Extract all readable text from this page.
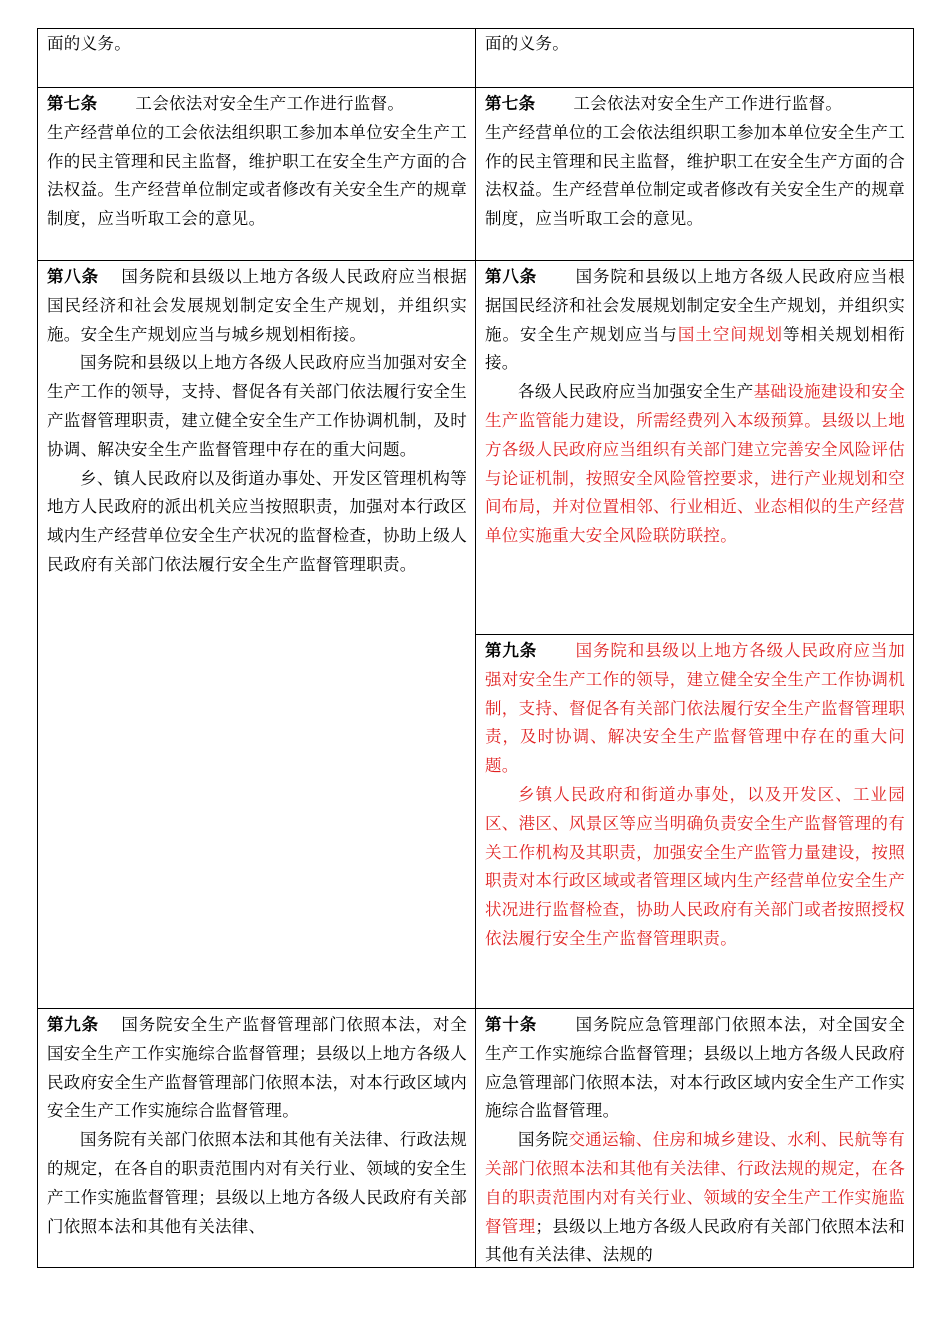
面的义务。	面的义务。

第七条 工会依法对安全生产工作进行监督。

生产经营单位的工会依法组织职工参加本单位安全生产工作的民主管理和民主监督，维护职工在安全生产方面的合法权益。生产经营单位制定或者修改有关安全生产的规章制度，应当听取工会的意见。

第七条 工会依法对安全生产工作进行监督。

生产经营单位的工会依法组织职工参加本单位安全生产工作的民主管理和民主监督，维护职工在安全生产方面的合法权益。生产经营单位制定或者修改有关安全生产的规章制度，应当听取工会的意见。

第八条 国务院和县级以上地方各级人民政府应当根据国民经济和社会发展规划制定安全生产规划，并组织实施。安全生产规划应当与城乡规划相衔接。

国务院和县级以上地方各级人民政府应当加强对安全生产工作的领导，支持、督促各有关部门依法履行安全生产监督管理职责，建立健全安全生产工作协调机制，及时协调、解决安全生产监督管理中存在的重大问题。

乡、镇人民政府以及街道办事处、开发区管理机构等地方人民政府的派出机关应当按照职责，加强对本行政区域内生产经营单位安全生产状况的监督检查，协助上级人民政府有关部门依法履行安全生产监督管理职责。

第八条 国务院和县级以上地方各级人民政府应当根据国民经济和社会发展规划制定安全生产规划，并组织实施。安全生产规划应当与国土空间规划等相关规划相衔接。

各级人民政府应当加强安全生产基础设施建设和安全生产监管能力建设，所需经费列入本级预算。县级以上地方各级人民政府应当组织有关部门建立完善安全风险评估与论证机制，按照安全风险管控要求，进行产业规划和空间布局，并对位置相邻、行业相近、业态相似的生产经营单位实施重大安全风险联防联控。

第九条 国务院和县级以上地方各级人民政府应当加强对安全生产工作的领导，建立健全安全生产工作协调机制，支持、督促各有关部门依法履行安全生产监督管理职责，及时协调、解决安全生产监督管理中存在的重大问题。

乡镇人民政府和街道办事处，以及开发区、工业园区、港区、风景区等应当明确负责安全生产监督管理的有关工作机构及其职责，加强安全生产监管力量建设，按照职责对本行政区域或者管理区域内生产经营单位安全生产状况进行监督检查，协助人民政府有关部门或者按照授权依法履行安全生产监督管理职责。

第九条 国务院安全生产监督管理部门依照本法，对全国安全生产工作实施综合监督管理；县级以上地方各级人民政府安全生产监督管理部门依照本法，对本行政区域内安全生产工作实施综合监督管理。

国务院有关部门依照本法和其他有关法律、行政法规的规定，在各自的职责范围内对有关行业、领域的安全生产工作实施监督管理；县级以上地方各级人民政府有关部门依照本法和其他有关法律、

第十条 国务院应急管理部门依照本法，对全国安全生产工作实施综合监督管理；县级以上地方各级人民政府应急管理部门依照本法，对本行政区域内安全生产工作实施综合监督管理。

国务院交通运输、住房和城乡建设、水利、民航等有关部门依照本法和其他有关法律、行政法规的规定，在各自的职责范围内对有关行业、领域的安全生产工作实施监督管理；县级以上地方各级人民政府有关部门依照本法和其他有关法律、法规的
